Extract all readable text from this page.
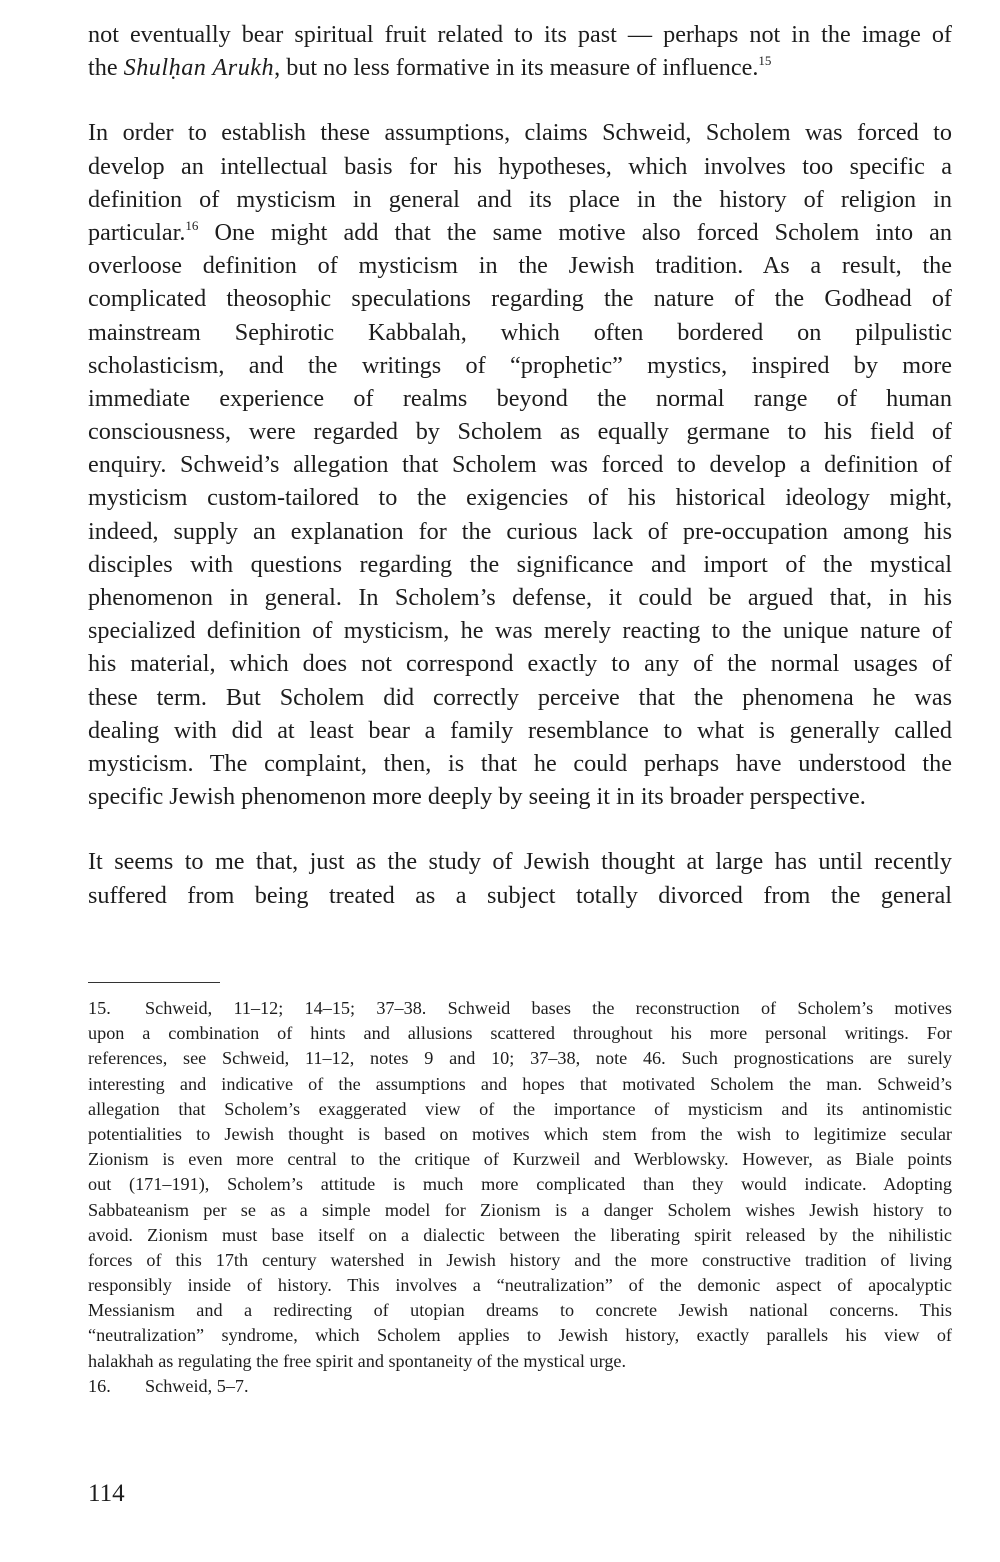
not eventually bear spiritual fruit related to its past — perhaps not in the image of
the Shulḥan Arukh, but no less formative in its measure of influence.$^{15}$

In order to establish these assumptions, claims Schweid, Scholem was forced to
develop an intellectual basis for his hypotheses, which involves too specific a
definition of mysticism in general and its place in the history of religion in
particular.$^{16}$ One might add that the same motive also forced Scholem into an
overloose definition of mysticism in the Jewish tradition. As a result, the
complicated theosophic speculations regarding the nature of the Godhead of
mainstream Sephirotic Kabbalah, which often bordered on pilpulistic
scholasticism, and the writings of “prophetic” mystics, inspired by more
immediate experience of realms beyond the normal range of human
consciousness, were regarded by Scholem as equally germane to his field of
enquiry. Schweid’s allegation that Scholem was forced to develop a definition of
mysticism custom-tailored to the exigencies of his historical ideology might,
indeed, supply an explanation for the curious lack of pre-occupation among his
disciples with questions regarding the significance and import of the mystical
phenomenon in general. In Scholem’s defense, it could be argued that, in his
specialized definition of mysticism, he was merely reacting to the unique nature of
his material, which does not correspond exactly to any of the normal usages of
these term. But Scholem did correctly perceive that the phenomena he was
dealing with did at least bear a family resemblance to what is generally called
mysticism. The complaint, then, is that he could perhaps have understood the
specific Jewish phenomenon more deeply by seeing it in its broader perspective.

It seems to me that, just as the study of Jewish thought at large has until recently
suffered from being treated as a subject totally divorced from the general

15. Schweid, 11–12; 14–15; 37–38. Schweid bases the reconstruction of Scholem’s motives
upon a combination of hints and allusions scattered throughout his more personal writings. For
references, see Schweid, 11–12, notes 9 and 10; 37–38, note 46. Such prognostications are surely
interesting and indicative of the assumptions and hopes that motivated Scholem the man. Schweid’s
allegation that Scholem’s exaggerated view of the importance of mysticism and its antinomistic
potentialities to Jewish thought is based on motives which stem from the wish to legitimize secular
Zionism is even more central to the critique of Kurzweil and Werblowsky. However, as Biale points
out (171–191), Scholem’s attitude is much more complicated than they would indicate. Adopting
Sabbateanism per se as a simple model for Zionism is a danger Scholem wishes Jewish history to
avoid. Zionism must base itself on a dialectic between the liberating spirit released by the nihilistic
forces of this 17th century watershed in Jewish history and the more constructive tradition of living
responsibly inside of history. This involves a “neutralization” of the demonic aspect of apocalyptic
Messianism and a redirecting of utopian dreams to concrete Jewish national concerns. This
“neutralization” syndrome, which Scholem applies to Jewish history, exactly parallels his view of
halakhah as regulating the free spirit and spontaneity of the mystical urge.
16. Schweid, 5–7.
114
